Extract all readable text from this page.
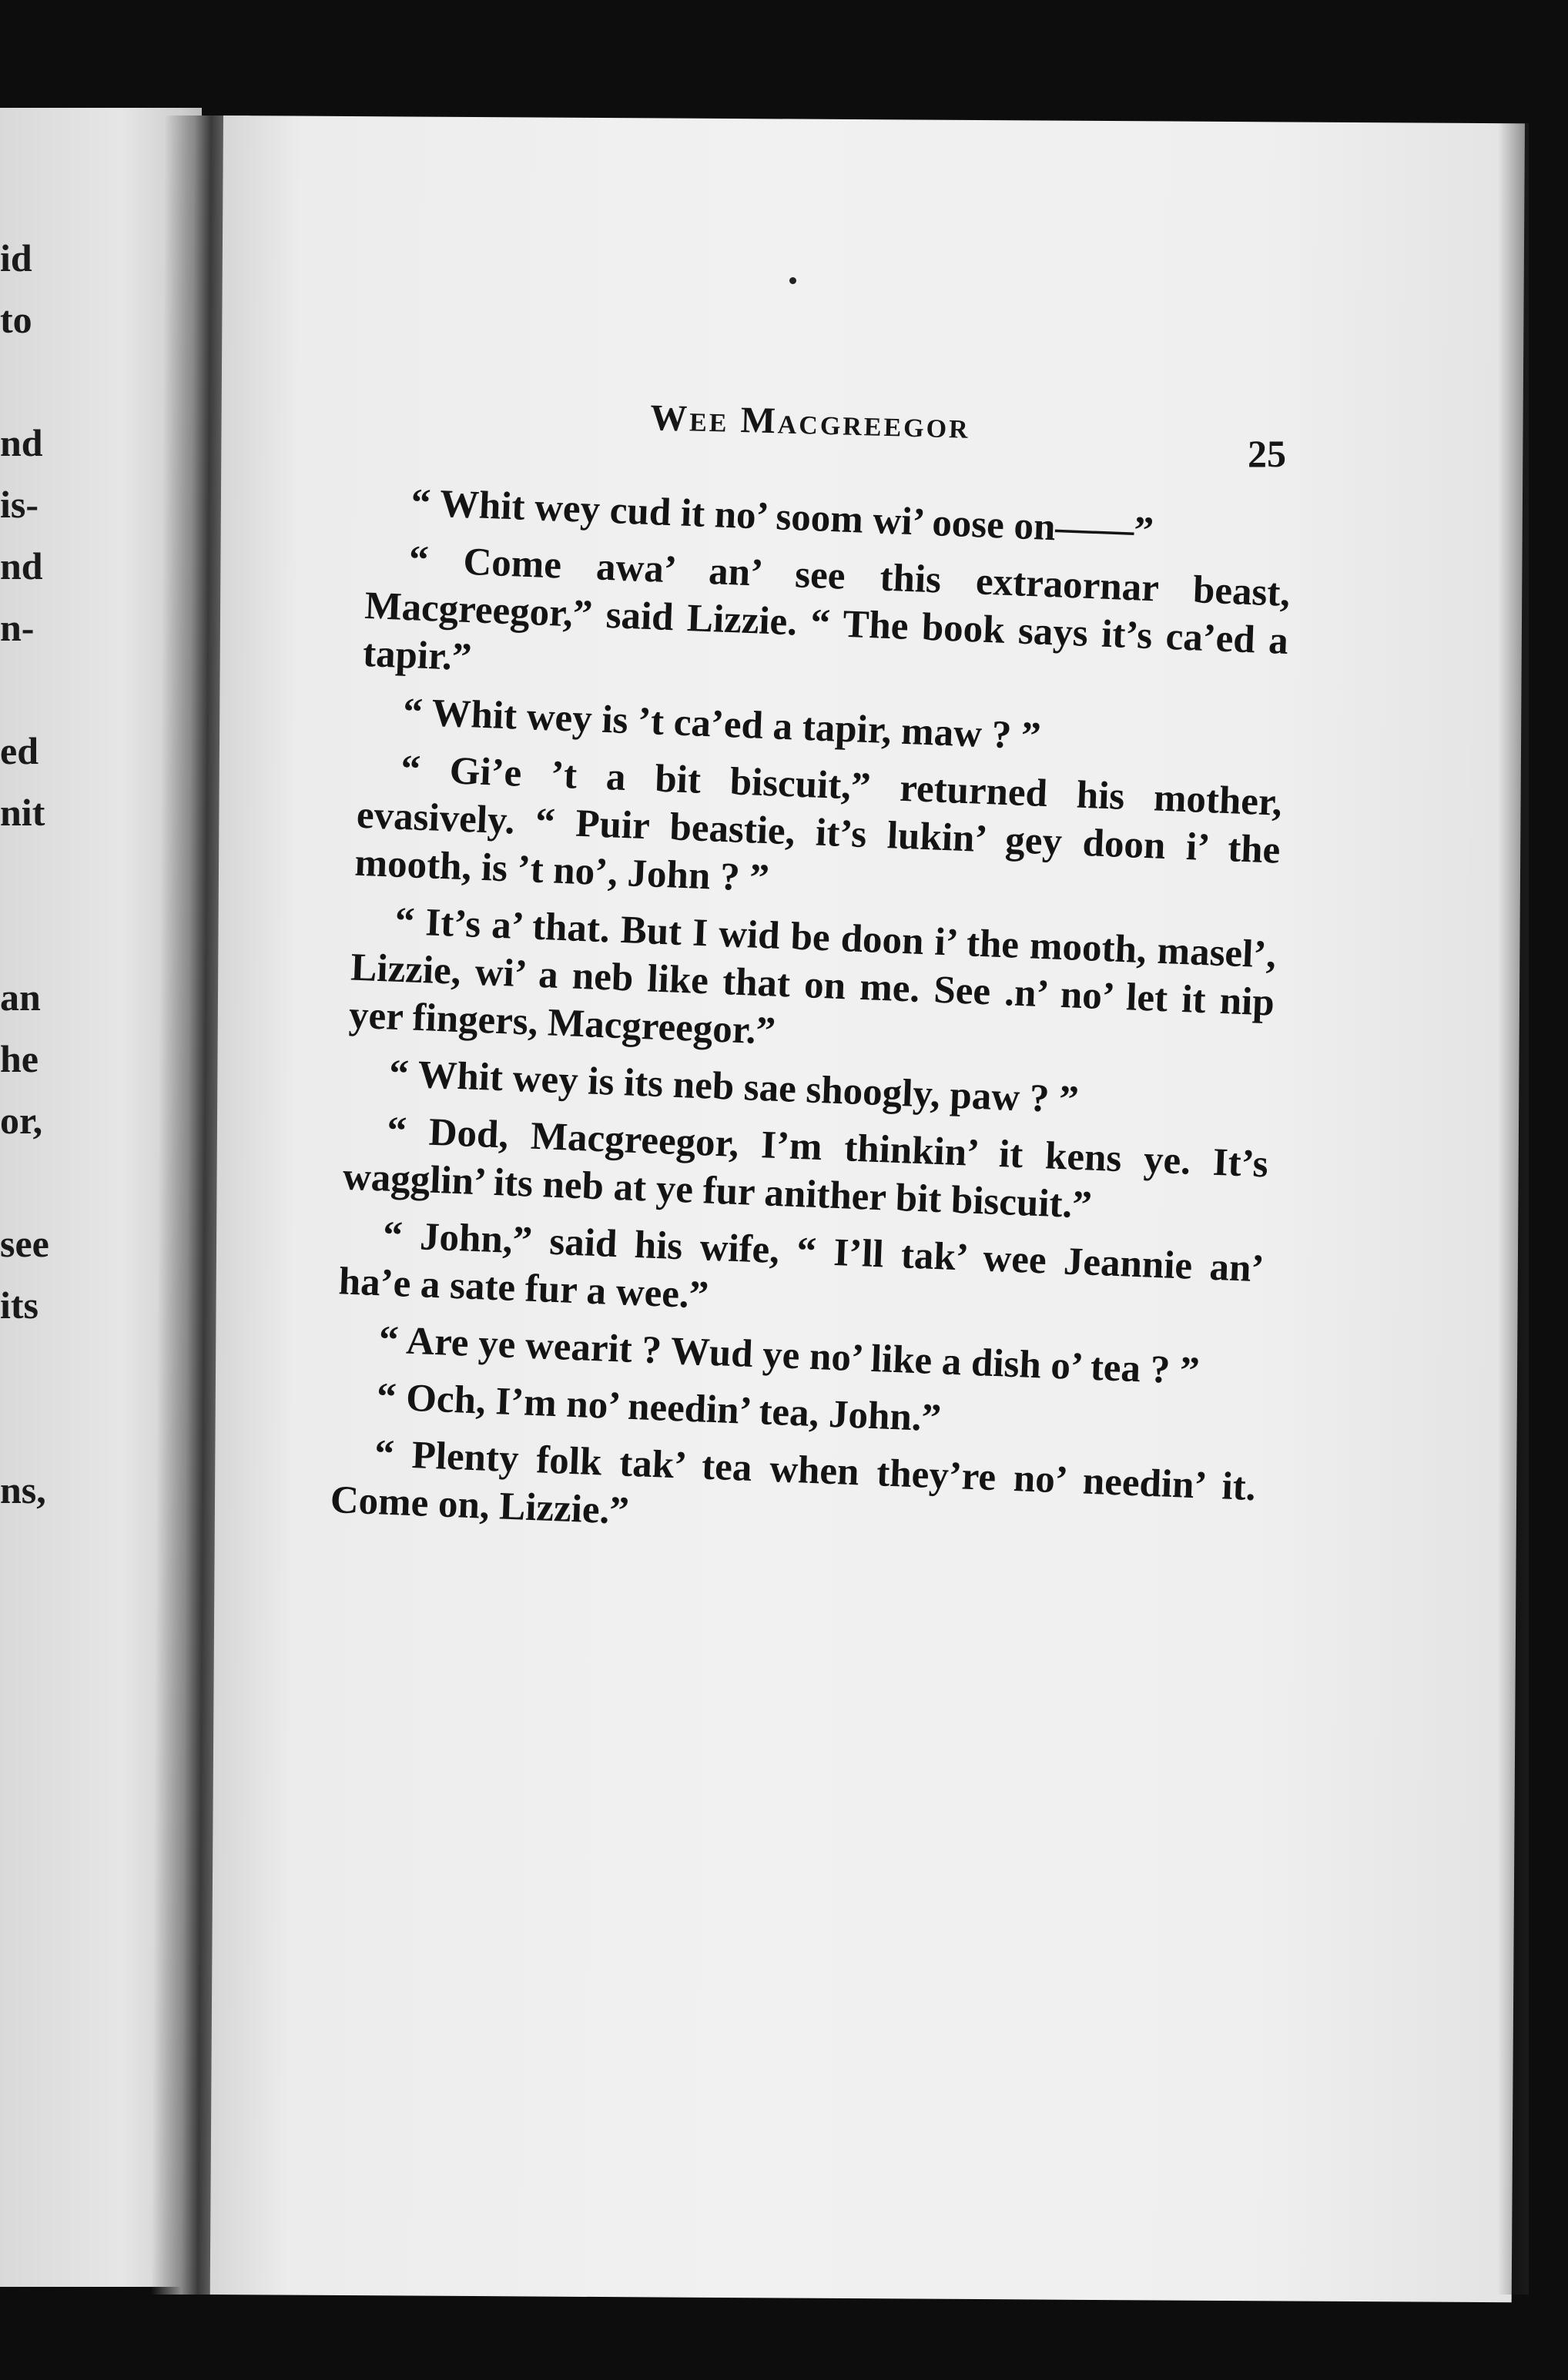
id
to
nd
is-
nd
n-
ed
nit
an
he
or,
see
its
ns,
Wee Macgreegor
25

“ Whit wey cud it no’ soom wi’ oose on——”

“ Come awa’ an’ see this extraornar beast, Macgreegor,” said Lizzie. “ The book says it’s ca’ed a tapir.”

“ Whit wey is ’t ca’ed a tapir, maw ? ”

“ Gi’e ’t a bit biscuit,” returned his mother, evasively. “ Puir beastie, it’s lukin’ gey doon i’ the mooth, is ’t no’, John ? ”

“ It’s a’ that. But I wid be doon i’ the mooth, masel’, Lizzie, wi’ a neb like that on me. See .n’ no’ let it nip yer fingers, Macgreegor.”

“ Whit wey is its neb sae shoogly, paw ? ”

“ Dod, Macgreegor, I’m thinkin’ it kens ye. It’s wagglin’ its neb at ye fur anither bit biscuit.”

“ John,” said his wife, “ I’ll tak’ wee Jeannie an’ ha’e a sate fur a wee.”

“ Are ye wearit ? Wud ye no’ like a dish o’ tea ? ”

“ Och, I’m no’ needin’ tea, John.”

“ Plenty folk tak’ tea when they’re no’ needin’ it. Come on, Lizzie.”
